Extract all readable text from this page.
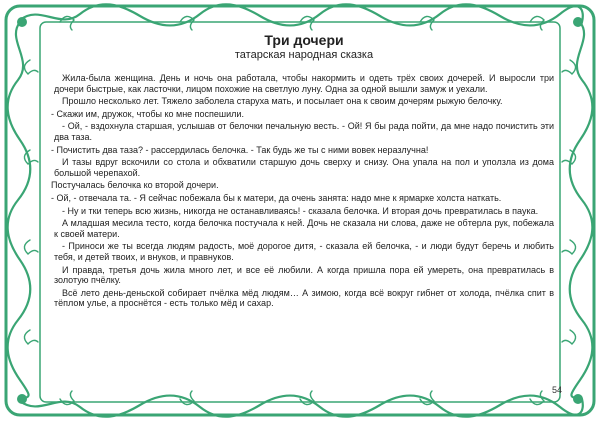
Три дочери
татарская народная сказка

Жила-была женщина. День и ночь она работала, чтобы накормить и одеть трёх своих дочерей. И выросли три дочери быстрые, как ласточки, лицом похожие на светлую луну. Одна за одной вышли замуж и уехали.

Прошло несколько лет. Тяжело заболела старуха мать, и посылает она к своим дочерям рыжую белочку.

- Скажи им, дружок, чтобы ко мне поспешили.

- Ой, - вздохнула старшая, услышав от белочки печальную весть. - Ой! Я бы рада пойти, да мне надо почистить эти два таза.

- Почистить два таза? - рассердилась белочка. - Так будь же ты с ними вовек неразлучна!

И тазы вдруг вскочили со стола и обхватили старшую дочь сверху и снизу. Она упала на пол и уползла из дома большой черепахой.

Постучалась белочка ко второй дочери.

- Ой, - отвечала та. - Я сейчас побежала бы к матери, да очень занята: надо мне к ярмарке холста наткать.

- Ну и тки теперь всю жизнь, никогда не останавливаясь! - сказала белочка. И вторая дочь превратилась в паука.

А младшая месила тесто, когда белочка постучала к ней. Дочь не сказала ни слова, даже не обтерла рук, побежала к своей матери.

- Приноси же ты всегда людям радость, моё дорогое дитя, - сказала ей белочка, - и люди будут беречь и любить тебя, и детей твоих, и внуков, и правнуков.

И правда, третья дочь жила много лет, и все её любили. А когда пришла пора ей умереть, она превратилась в золотую пчёлку.

Всё лето день-деньской собирает пчёлка мёд людям… А зимою, когда всё вокруг гибнет от холода, пчёлка спит в тёплом улье, а проснётся - есть только мёд и сахар.

54
